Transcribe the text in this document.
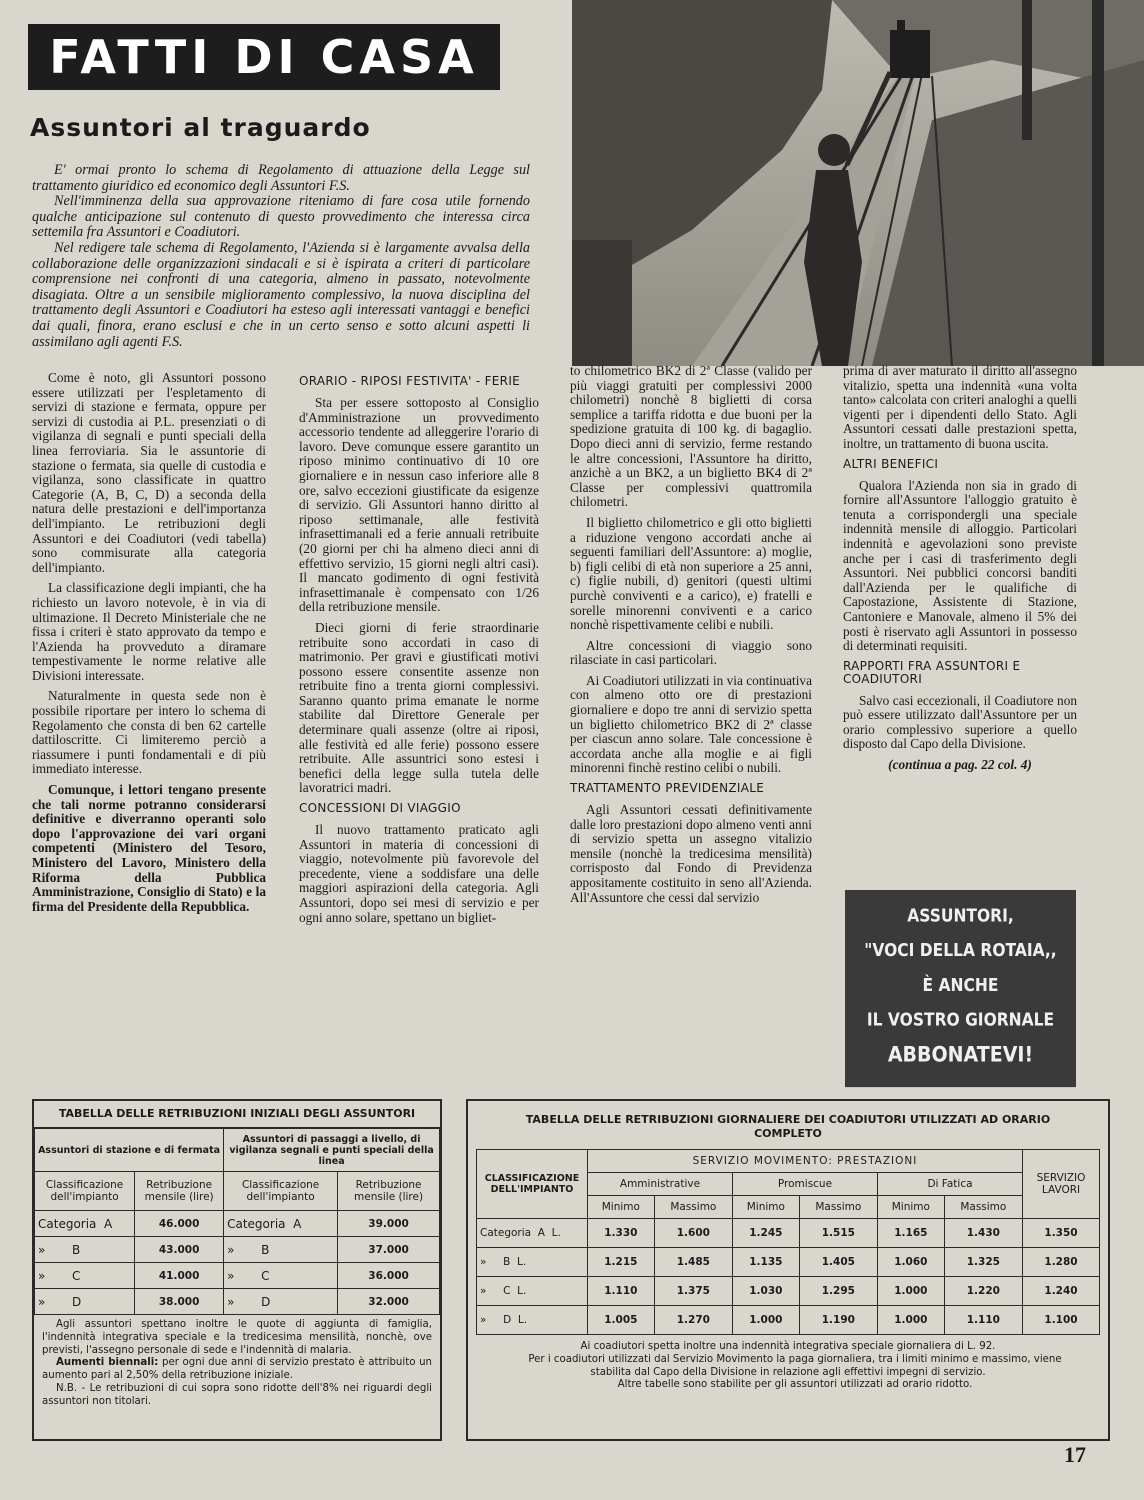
FATTI DI CASA
Assuntori al traguardo

E' ormai pronto lo schema di Regolamento di attuazione della Legge sul trattamento giuridico ed economico degli Assuntori F.S.

Nell'imminenza della sua approvazione riteniamo di fare cosa utile fornendo qualche anticipazione sul contenuto di questo provvedimento che interessa circa settemila fra Assuntori e Coadiutori.

Nel redigere tale schema di Regolamento, l'Azienda si è largamente avvalsa della collaborazione delle organizzazioni sindacali e si è ispirata a criteri di particolare comprensione nei confronti di una categoria, almeno in passato, notevolmente disagiata. Oltre a un sensibile miglioramento complessivo, la nuova disciplina del trattamento degli Assuntori e Coadiutori ha esteso agli interessati vantaggi e benefici dai quali, finora, erano esclusi e che in un certo senso e sotto alcuni aspetti li assimilano agli agenti F.S.

Come è noto, gli Assuntori possono essere utilizzati per l'espletamento di servizi di stazione e fermata, oppure per servizi di custodia ai P.L. presenziati o di vigilanza di segnali e punti speciali della linea ferroviaria. Sia le assuntorie di stazione o fermata, sia quelle di custodia e vigilanza, sono classificate in quattro Categorie (A, B, C, D) a seconda della natura delle prestazioni e dell'importanza dell'impianto. Le retribuzioni degli Assuntori e dei Coadiutori (vedi tabella) sono commisurate alla categoria dell'impianto.

La classificazione degli impianti, che ha richiesto un lavoro notevole, è in via di ultimazione. Il Decreto Ministeriale che ne fissa i criteri è stato approvato da tempo e l'Azienda ha provveduto a diramare tempestivamente le norme relative alle Divisioni interessate.

Naturalmente in questa sede non è possibile riportare per intero lo schema di Regolamento che consta di ben 62 cartelle dattiloscritte. Ci limiteremo perciò a riassumere i punti fondamentali e di più immediato interesse.

Comunque, i lettori tengano presente che tali norme potranno considerarsi definitive e diverranno operanti solo dopo l'approvazione dei vari organi competenti (Ministero del Tesoro, Ministero del Lavoro, Ministero della Riforma della Pubblica Amministrazione, Consiglio di Stato) e la firma del Presidente della Repubblica.

ORARIO - RIPOSI FESTIVITA' - FERIE

Sta per essere sottoposto al Consiglio d'Amministrazione un provvedimento accessorio tendente ad alleggerire l'orario di lavoro. Deve comunque essere garantito un riposo minimo continuativo di 10 ore giornaliere e in nessun caso inferiore alle 8 ore, salvo eccezioni giustificate da esigenze di servizio. Gli Assuntori hanno diritto al riposo settimanale, alle festività infrasettimanali ed a ferie annuali retribuite (20 giorni per chi ha almeno dieci anni di effettivo servizio, 15 giorni negli altri casi). Il mancato godimento di ogni festività infrasettimanale è compensato con 1/26 della retribuzione mensile.

Dieci giorni di ferie straordinarie retribuite sono accordati in caso di matrimonio. Per gravi e giustificati motivi possono essere consentite assenze non retribuite fino a trenta giorni complessivi. Saranno quanto prima emanate le norme stabilite dal Direttore Generale per determinare quali assenze (oltre ai riposi, alle festività ed alle ferie) possono essere retribuite. Alle assuntrici sono estesi i benefici della legge sulla tutela delle lavoratrici madri.

CONCESSIONI DI VIAGGIO

Il nuovo trattamento praticato agli Assuntori in materia di concessioni di viaggio, notevolmente più favorevole del precedente, viene a soddisfare una delle maggiori aspirazioni della categoria. Agli Assuntori, dopo sei mesi di servizio e per ogni anno solare, spettano un bigliet-

to chilometrico BK2 di 2ª Classe (valido per più viaggi gratuiti per complessivi 2000 chilometri) nonchè 8 biglietti di corsa semplice a tariffa ridotta e due buoni per la spedizione gratuita di 100 kg. di bagaglio. Dopo dieci anni di servizio, ferme restando le altre concessioni, l'Assuntore ha diritto, anzichè a un BK2, a un biglietto BK4 di 2ª Classe per complessivi quattromila chilometri.

Il biglietto chilometrico e gli otto biglietti a riduzione vengono accordati anche ai seguenti familiari dell'Assuntore: a) moglie, b) figli celibi di età non superiore a 25 anni, c) figlie nubili, d) genitori (questi ultimi purchè conviventi e a carico), e) fratelli e sorelle minorenni conviventi e a carico nonchè rispettivamente celibi e nubili.

Altre concessioni di viaggio sono rilasciate in casi particolari.

Ai Coadiutori utilizzati in via continuativa con almeno otto ore di prestazioni giornaliere e dopo tre anni di servizio spetta un biglietto chilometrico BK2 di 2ª classe per ciascun anno solare. Tale concessione è accordata anche alla moglie e ai figli minorenni finchè restino celibi o nubili.

TRATTAMENTO PREVIDENZIALE

Agli Assuntori cessati definitivamente dalle loro prestazioni dopo almeno venti anni di servizio spetta un assegno vitalizio mensile (nonchè la tredicesima mensilità) corrisposto dal Fondo di Previdenza appositamente costituito in seno all'Azienda. All'Assuntore che cessi dal servizio

prima di aver maturato il diritto all'assegno vitalizio, spetta una indennità «una volta tanto» calcolata con criteri analoghi a quelli vigenti per i dipendenti dello Stato. Agli Assuntori cessati dalle prestazioni spetta, inoltre, un trattamento di buona uscita.

ALTRI BENEFICI

Qualora l'Azienda non sia in grado di fornire all'Assuntore l'alloggio gratuito è tenuta a corrispondergli una speciale indennità mensile di alloggio. Particolari indennità e agevolazioni sono previste anche per i casi di trasferimento degli Assuntori. Nei pubblici concorsi banditi dall'Azienda per le qualifiche di Capostazione, Assistente di Stazione, Cantoniere e Manovale, almeno il 5% dei posti è riservato agli Assuntori in possesso di determinati requisiti.

RAPPORTI FRA ASSUNTORI E COADIUTORI

Salvo casi eccezionali, il Coadiutore non può essere utilizzato dall'Assuntore per un orario complessivo superiore a quello disposto dal Capo della Divisione.

(continua a pag. 22 col. 4)
ASSUNTORI,
"VOCI DELLA ROTAIA,,
È ANCHE
IL VOSTRO GIORNALE
ABBONATEVI!
TABELLA DELLE RETRIBUZIONI INIZIALI DEGLI ASSUNTORI
Assuntori di stazione e di fermata		Assuntori di passaggi a livello, di vigilanza segnali e punti speciali della linea	
Classificazione dell'impianto	Retribuzione mensile (lire)	Classificazione dell'impianto	Retribuzione mensile (lire)
Categoria  A	46.000	Categoria  A	39.000
»       B	43.000	»       B	37.000
»       C	41.000	»       C	36.000
»       D	38.000	»       D	32.000

Agli assuntori spettano inoltre le quote di aggiunta di famiglia, l'indennità integrativa speciale e la tredicesima mensilità, nonchè, ove previsti, l'assegno personale di sede e l'indennità di malaria.

Aumenti biennali: per ogni due anni di servizio prestato è attribuito un aumento pari al 2,50% della retribuzione iniziale.

N.B. - Le retribuzioni di cui sopra sono ridotte dell'8% nei riguardi degli assuntori non titolari.

TABELLA DELLE RETRIBUZIONI GIORNALIERE DEI COADIUTORI UTILIZZATI AD ORARIO COMPLETO
CLASSIFICAZIONE DELL'IMPIANTO	SERVIZIO MOVIMENTO: PRESTAZIONI						SERVIZIO LAVORI
	Amministrative		Promiscue		Di Fatica		
	Minimo	Massimo	Minimo	Massimo	Minimo	Massimo	
Categoria  A  L.	1.330	1.600	1.245	1.515	1.165	1.430	1.350
»     B  L.	1.215	1.485	1.135	1.405	1.060	1.325	1.280
»     C  L.	1.110	1.375	1.030	1.295	1.000	1.220	1.240
»     D  L.	1.005	1.270	1.000	1.190	1.000	1.110	1.100

Ai coadiutori spetta inoltre una indennità integrativa speciale giornaliera di L. 92.

Per i coadiutori utilizzati dal Servizio Movimento la paga giornaliera, tra i limiti minimo e massimo, viene stabilita dal Capo della Divisione in relazione agli effettivi impegni di servizio.

Altre tabelle sono stabilite per gli assuntori utilizzati ad orario ridotto.

17
